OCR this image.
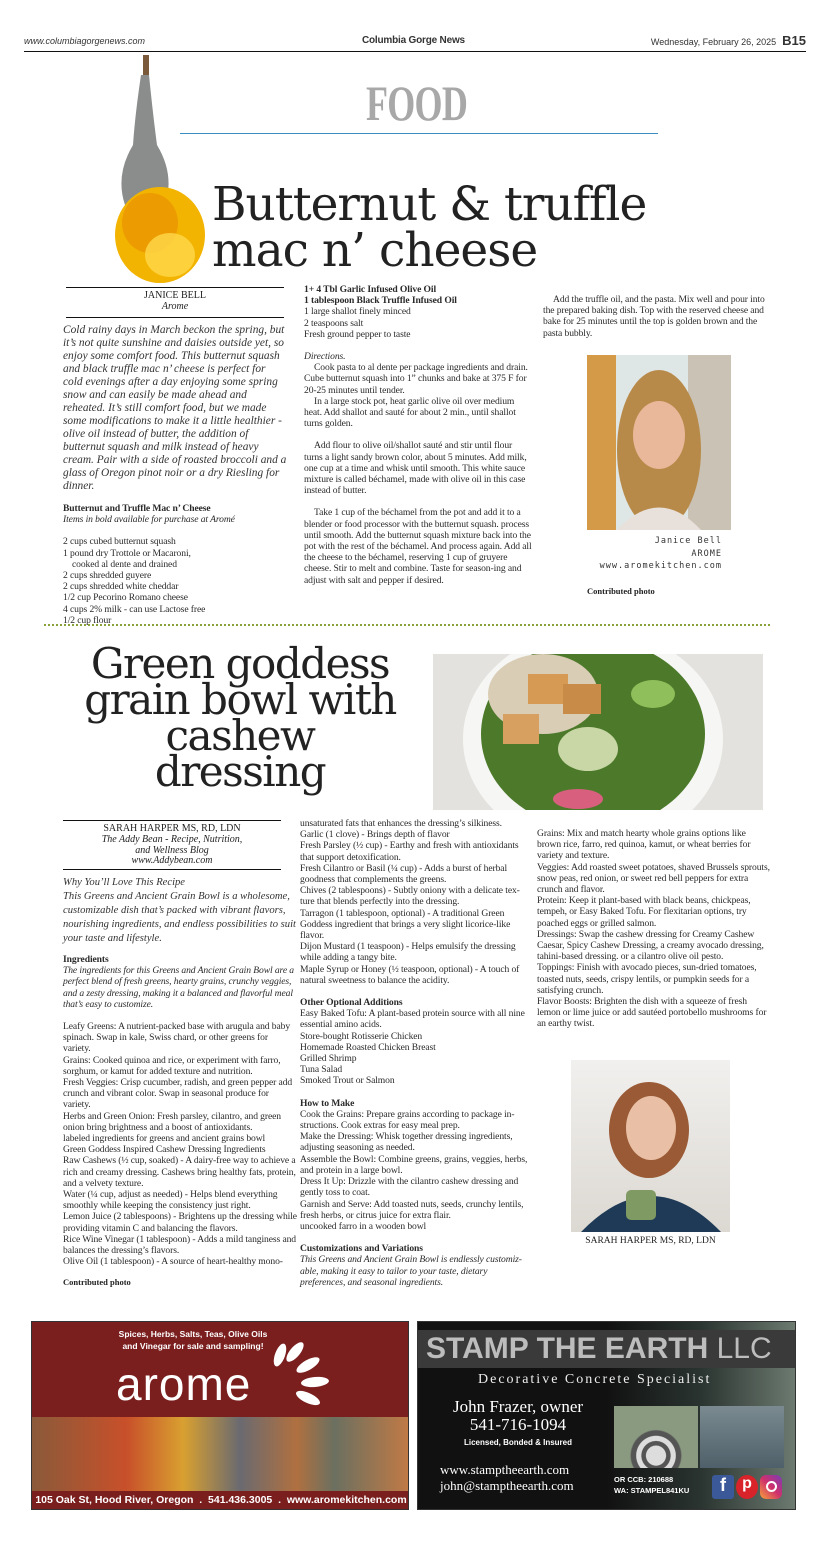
www.columbiagorgenews.com	Columbia Gorge News	Wednesday, February 26, 2025 B15
FOOD
Butternut & truffle
mac n’ cheese
JANICE BELL
Arome
Cold rainy days in March beckon the spring, but it’s not quite sunshine and daisies outside yet, so enjoy some comfort food. This butternut squash and black truffle mac n’ cheese is perfect for cold evenings after a day enjoying some spring snow and can easily be made ahead and reheated. It’s still comfort food, but we made some modifications to make it a little healthier - olive oil instead of butter, the addition of butternut squash and milk instead of heavy cream. Pair with a side of roasted broccoli and a glass of Oregon pinot noir or a dry Riesling for dinner.
Butternut and Truffle Mac n’ Cheese
Items in bold available for purchase at Aromé
2 cups cubed butternut squash
1 pound dry Trottole or Macaroni,
cooked al dente and drained
2 cups shredded guyere
2 cups shredded white cheddar
1/2 cup Pecorino Romano cheese
4 cups 2% milk - can use Lactose free
1/2 cup flour
1+ 4 Tbl Garlic Infused Olive Oil
1 tablespoon Black Truffle Infused Oil
1 large shallot finely minced
2 teaspoons salt
Fresh ground pepper to taste
Directions.
Cook pasta to al dente per package ingredients and drain. Cube butternut squash into 1” chunks and bake at 375 F for 20-25 minutes until tender.
In a large stock pot, heat garlic olive oil over medium heat. Add shallot and sauté for about 2 min., until shallot turns golden.
Add flour to olive oil/shallot sauté and stir until flour turns a light sandy brown color, about 5 minutes. Add milk, one cup at a time and whisk until smooth. This white sauce mixture is called béchamel, made with olive oil in this case instead of butter.
Take 1 cup of the béchamel from the pot and add it to a blender or food processor with the butternut squash. process until smooth. Add the butternut squash mixture back into the pot with the rest of the béchamel. And process again. Add all the cheese to the béchamel, reserving 1 cup of gruyere cheese. Stir to melt and combine. Taste for season-ing and adjust with salt and pepper if desired.
Add the truffle oil, and the pasta. Mix well and pour into the prepared baking dish. Top with the reserved cheese and bake for 25 minutes until the top is golden brown and the pasta bubbly.
Janice Bell
AROME
www.aromekitchen.com
Contributed photo
Green goddess
grain bowl with
cashew
dressing
SARAH HARPER MS, RD, LDN
The Addy Bean - Recipe, Nutrition,
and Wellness Blog
www.Addybean.com
Why You’ll Love This Recipe
This Greens and Ancient Grain Bowl is a wholesome, customizable dish that’s packed with vibrant flavors, nourishing ingredients, and endless possibilities to suit your taste and lifestyle.
Ingredients
The ingredients for this Greens and Ancient Grain Bowl are a perfect blend of fresh greens, hearty grains, crunchy veggies, and a zesty dressing, making it a balanced and flavorful meal that’s easy to customize.
Leafy Greens: A nutrient-packed base with arugula and baby spinach. Swap in kale, Swiss chard, or other greens for variety.
Grains: Cooked quinoa and rice, or experiment with farro, sorghum, or kamut for added texture and nutrition.
Fresh Veggies: Crisp cucumber, radish, and green pepper add crunch and vibrant color. Swap in seasonal produce for variety.
Herbs and Green Onion: Fresh parsley, cilantro, and green onion bring brightness and a boost of antioxidants.
labeled ingredients for greens and ancient grains bowl
Green Goddess Inspired Cashew Dressing Ingredients
Raw Cashews (½ cup, soaked) - A dairy-free way to achieve a rich and creamy dressing. Cashews bring healthy fats, protein, and a velvety texture.
Water (¼ cup, adjust as needed) - Helps blend everything smoothly while keeping the consistency just right.
Lemon Juice (2 tablespoons) - Brightens up the dressing while providing vitamin C and balancing the flavors.
Rice Wine Vinegar (1 tablespoon) - Adds a mild tanginess and balances the dressing’s flavors.
Olive Oil (1 tablespoon) - A source of heart-healthy mono-
Contributed photo
unsaturated fats that enhances the dressing’s silkiness.
Garlic (1 clove) - Brings depth of flavor
Fresh Parsley (½ cup) - Earthy and fresh with antioxidants that support detoxification.
Fresh Cilantro or Basil (¼ cup) - Adds a burst of herbal goodness that complements the greens.
Chives (2 tablespoons) - Subtly oniony with a delicate tex-ture that blends perfectly into the dressing.
Tarragon (1 tablespoon, optional) - A traditional Green Goddess ingredient that brings a very slight licorice-like flavor.
Dijon Mustard (1 teaspoon) - Helps emulsify the dressing while adding a tangy bite.
Maple Syrup or Honey (½ teaspoon, optional) - A touch of natural sweetness to balance the acidity.
Other Optional Additions
Easy Baked Tofu: A plant-based protein source with all nine essential amino acids.
Store-bought Rotisserie Chicken
Homemade Roasted Chicken Breast
Grilled Shrimp
Tuna Salad
Smoked Trout or Salmon
How to Make
Cook the Grains: Prepare grains according to package in-structions. Cook extras for easy meal prep.
Make the Dressing: Whisk together dressing ingredients, adjusting seasoning as needed.
Assemble the Bowl: Combine greens, grains, veggies, herbs, and protein in a large bowl.
Dress It Up: Drizzle with the cilantro cashew dressing and gently toss to coat.
Garnish and Serve: Add toasted nuts, seeds, crunchy lentils, fresh herbs, or citrus juice for extra flair.
uncooked farro in a wooden bowl
Customizations and Variations
This Greens and Ancient Grain Bowl is endlessly customiz-able, making it easy to tailor to your taste, dietary preferences, and seasonal ingredients.
Grains: Mix and match hearty whole grains options like brown rice, farro, red quinoa, kamut, or wheat berries for variety and texture.
Veggies: Add roasted sweet potatoes, shaved Brussels sprouts, snow peas, red onion, or sweet red bell peppers for extra crunch and flavor.
Protein: Keep it plant-based with black beans, chickpeas, tempeh, or Easy Baked Tofu. For flexitarian options, try poached eggs or grilled salmon.
Dressings: Swap the cashew dressing for Creamy Cashew Caesar, Spicy Cashew Dressing, a creamy avocado dressing, tahini-based dressing. or a cilantro olive oil pesto.
Toppings: Finish with avocado pieces, sun-dried tomatoes, toasted nuts, seeds, crispy lentils, or pumpkin seeds for a satisfying crunch.
Flavor Boosts: Brighten the dish with a squeeze of fresh lemon or lime juice or add sautéed portobello mushrooms for an earthy twist.
SARAH HARPER MS, RD, LDN
Spices, Herbs, Salts, Teas, Olive Oils
and Vinegar for sale and sampling!
arome
105 Oak St, Hood River, Oregon  .  541.436.3005  .  www.aromekitchen.com
STAMP THE EARTH LLC
Decorative Concrete Specialist
John Frazer, owner
541-716-1094
Licensed, Bonded & Insured
www.stamptheearth.com
john@stamptheearth.com	OR CCB: 210688
WA: STAMPEL841KU	f	p
